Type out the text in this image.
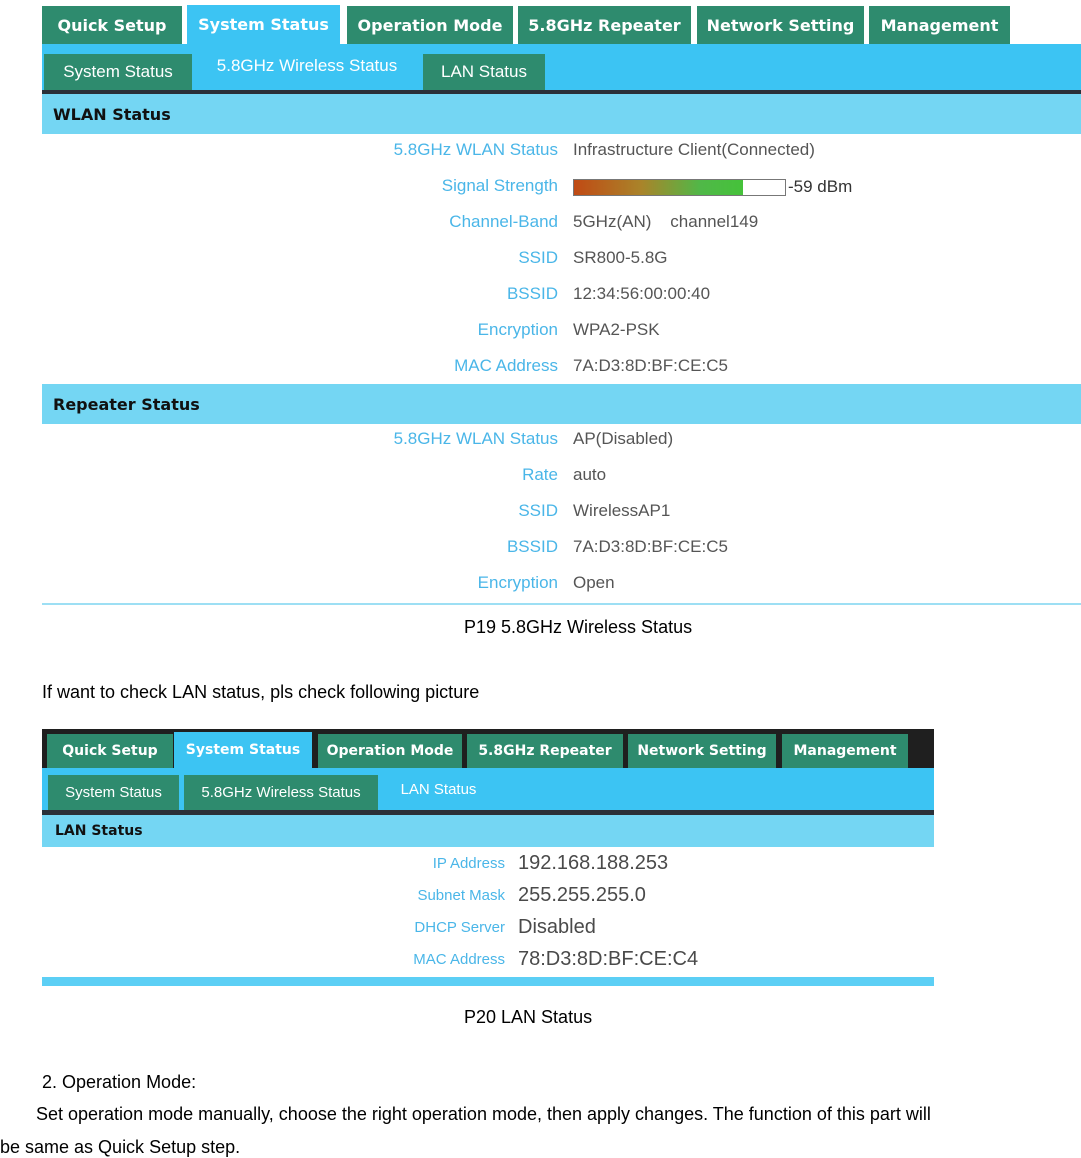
Quick Setup	System Status	Operation Mode	5.8GHz Repeater	Network Setting	Management
System Status	5.8GHz Wireless Status	LAN Status
WLAN Status
5.8GHz WLAN Status Infrastructure Client(Connected)
Signal Strength	-59 dBm
Channel-Band 5GHz(AN)    channel149
SSID SR800-5.8G
BSSID 12:34:56:00:00:40
Encryption WPA2-PSK
MAC Address 7A:D3:8D:BF:CE:C5
Repeater Status
5.8GHz WLAN Status AP(Disabled)
Rate auto
SSID WirelessAP1
BSSID 7A:D3:8D:BF:CE:C5
Encryption Open
P19 5.8GHz Wireless Status
If want to check LAN status, pls check following picture
Quick Setup	System Status	Operation Mode	5.8GHz Repeater	Network Setting	Management
System Status	5.8GHz Wireless Status	LAN Status
LAN Status
IP Address 192.168.188.253
Subnet Mask 255.255.255.0
DHCP Server Disabled
MAC Address 78:D3:8D:BF:CE:C4
P20 LAN Status
2. Operation Mode:
Set operation mode manually, choose the right operation mode, then apply changes. The function of this part will
be same as Quick Setup step.
